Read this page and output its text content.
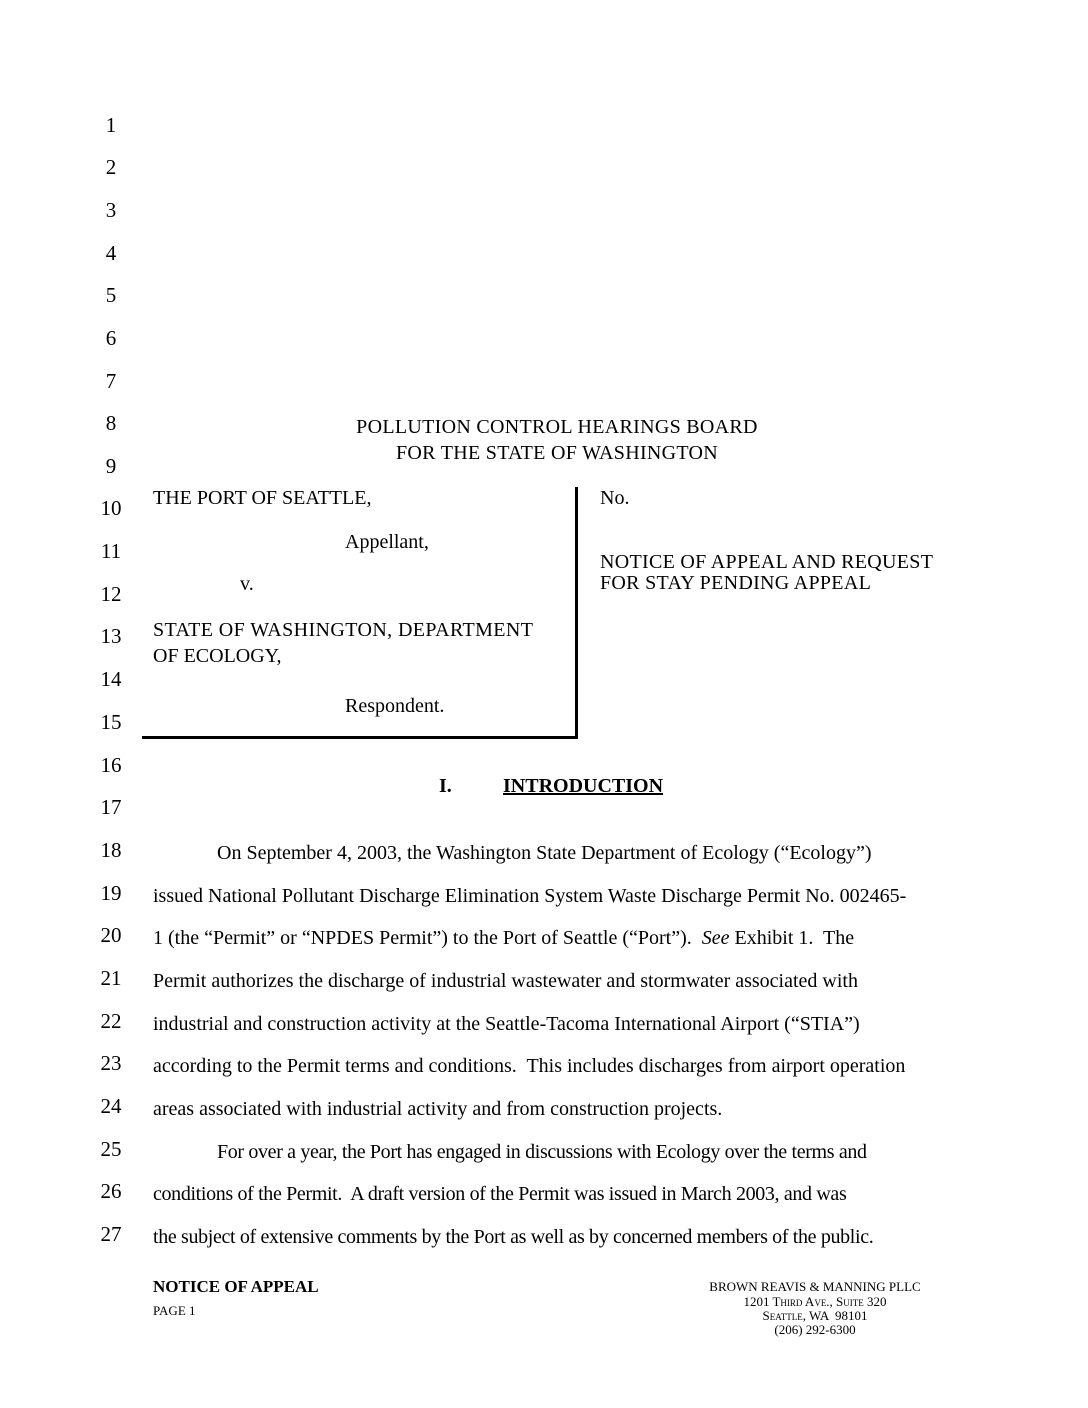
1
2
3
4
5
6
7
8
9
10
11
12
13
14
15
16
17
18
19
20
21
22
23
24
25
26
27
POLLUTION CONTROL HEARINGS BOARD
FOR THE STATE OF WASHINGTON
THE PORT OF SEATTLE,
Appellant,
v.
STATE OF WASHINGTON, DEPARTMENT
OF ECOLOGY,
Respondent.
No.
NOTICE OF APPEAL AND REQUEST
FOR STAY PENDING APPEAL
I.	INTRODUCTION
On September 4, 2003, the Washington State Department of Ecology (“Ecology”)
issued National Pollutant Discharge Elimination System Waste Discharge Permit No. 002465-
1 (the “Permit” or “NPDES Permit”) to the Port of Seattle (“Port”).  See Exhibit 1.  The
Permit authorizes the discharge of industrial wastewater and stormwater associated with
industrial and construction activity at the Seattle-Tacoma International Airport (“STIA”)
according to the Permit terms and conditions.  This includes discharges from airport operation
areas associated with industrial activity and from construction projects.
For over a year, the Port has engaged in discussions with Ecology over the terms and
conditions of the Permit.  A draft version of the Permit was issued in March 2003, and was
the subject of extensive comments by the Port as well as by concerned members of the public.
NOTICE OF APPEAL
PAGE 1
BROWN REAVIS & MANNING PLLC
1201 Third Ave., Suite 320
Seattle, WA  98101
(206) 292-6300
